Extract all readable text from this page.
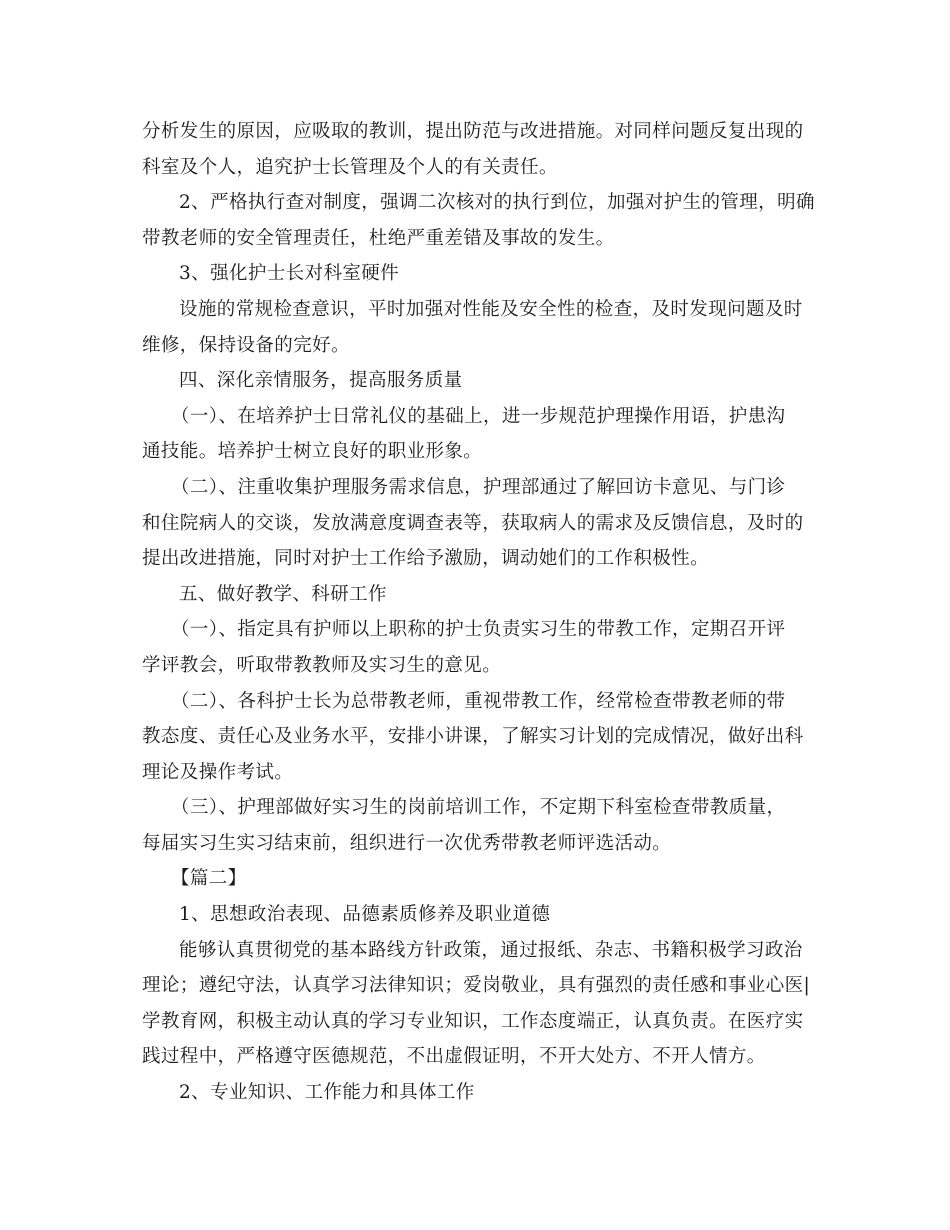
分析发生的原因，应吸取的教训，提出防范与改进措施。对同样问题反复出现的
科室及个人，追究护士长管理及个人的有关责任。
2、严格执行查对制度，强调二次核对的执行到位，加强对护生的管理，明确
带教老师的安全管理责任，杜绝严重差错及事故的发生。
3、强化护士长对科室硬件
设施的常规检查意识，平时加强对性能及安全性的检查，及时发现问题及时
维修，保持设备的完好。
四、深化亲情服务，提高服务质量
（一）、在培养护士日常礼仪的基础上，进一步规范护理操作用语，护患沟
通技能。培养护士树立良好的职业形象。
（二）、注重收集护理服务需求信息，护理部通过了解回访卡意见、与门诊
和住院病人的交谈，发放满意度调查表等，获取病人的需求及反馈信息，及时的
提出改进措施，同时对护士工作给予激励，调动她们的工作积极性。
五、做好教学、科研工作
（一）、指定具有护师以上职称的护士负责实习生的带教工作，定期召开评
学评教会，听取带教教师及实习生的意见。
（二）、各科护士长为总带教老师，重视带教工作，经常检查带教老师的带
教态度、责任心及业务水平，安排小讲课，了解实习计划的完成情况，做好出科
理论及操作考试。
（三）、护理部做好实习生的岗前培训工作，不定期下科室检查带教质量，
每届实习生实习结束前，组织进行一次优秀带教老师评选活动。
【篇二】
1、思想政治表现、品德素质修养及职业道德
能够认真贯彻党的基本路线方针政策，通过报纸、杂志、书籍积极学习政治
理论；遵纪守法，认真学习法律知识；爱岗敬业，具有强烈的责任感和事业心医|
学教育网，积极主动认真的学习专业知识，工作态度端正，认真负责。在医疗实
践过程中，严格遵守医德规范，不出虚假证明，不开大处方、不开人情方。
2、专业知识、工作能力和具体工作
